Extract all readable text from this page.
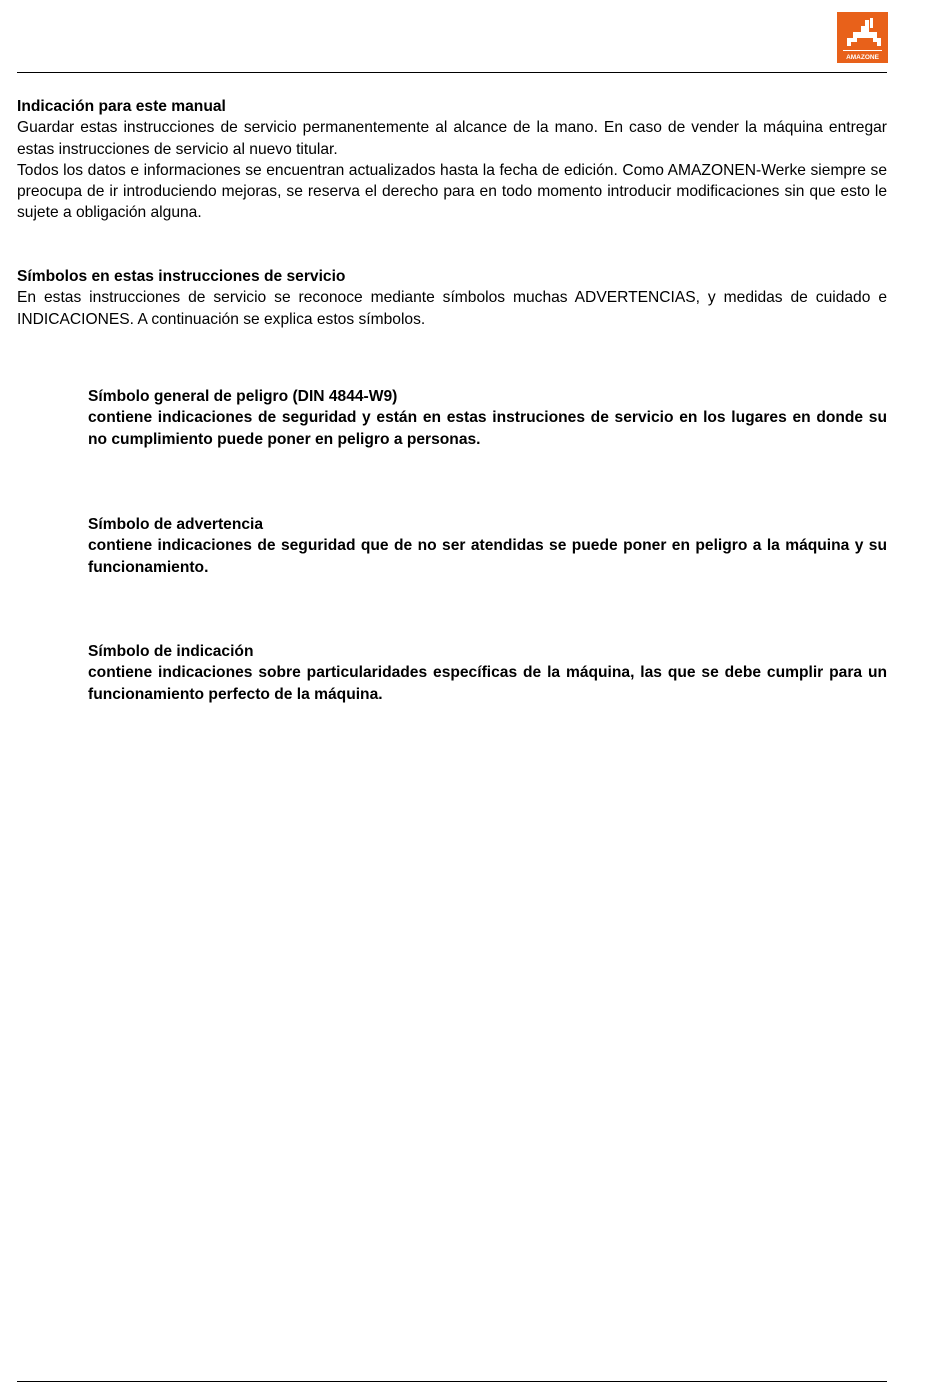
AMAZONE

Indicación para este manual

Guardar estas instrucciones de servicio permanentemente al alcance de la mano. En caso de vender la máquina entregar estas instrucciones de servicio al nuevo titular.

Todos los datos e informaciones se encuentran actualizados hasta la fecha de edición. Como AMAZONEN-Werke siempre se preocupa de ir introduciendo mejoras, se reserva el derecho para en todo momento introducir modificaciones sin que esto le sujete a obligación alguna.

Símbolos en estas instrucciones de servicio

En estas instrucciones de servicio se reconoce mediante símbolos muchas ADVERTENCIAS, y medidas de cuidado e INDICACIONES. A continuación se explica estos símbolos.

Símbolo general de peligro (DIN 4844-W9)

contiene indicaciones de seguridad y están en estas instruciones de servicio en los lugares en donde su no cumplimiento puede poner en peligro a personas.

Símbolo de advertencia

contiene indicaciones de seguridad que de no ser atendidas se puede poner en peligro a la máquina y su funcionamiento.

Símbolo de indicación

contiene indicaciones sobre particularidades específicas de la máquina, las que se debe cumplir para un funcionamiento perfecto de la máquina.
